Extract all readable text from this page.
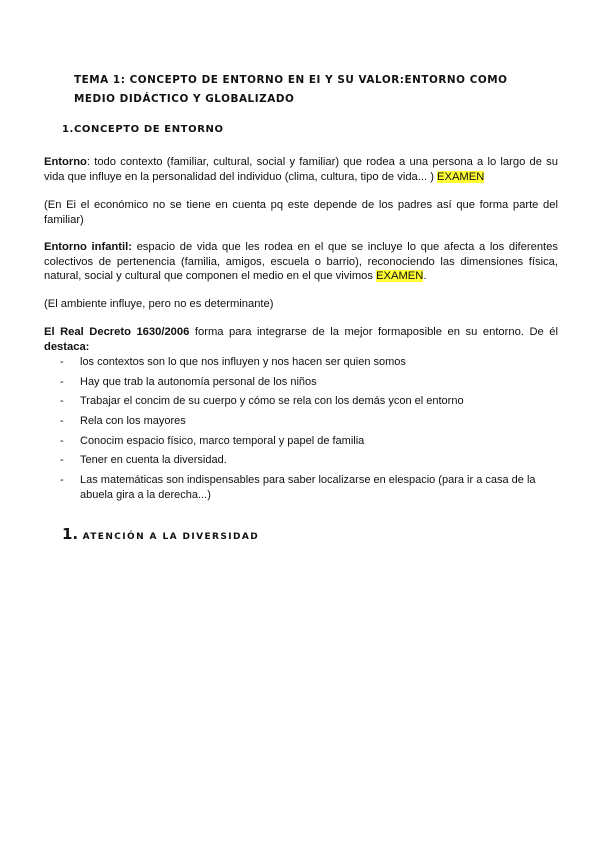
TEMA 1: CONCEPTO DE ENTORNO EN EI Y SU VALOR:ENTORNO COMO MEDIO DIDÁCTICO Y GLOBALIZADO
1.CONCEPTO DE ENTORNO
Entorno: todo contexto (familiar, cultural, social y familiar) que rodea a una persona a lo largo de su vida que influye en la personalidad del individuo (clima, cultura, tipo de vida... ) EXAMEN
(En Ei el económico no se tiene en cuenta pq este depende de los padres así que forma parte del familiar)
Entorno infantil: espacio de vida que les rodea en el que se incluye lo que afecta a los diferentes colectivos de pertenencia (familia, amigos, escuela o barrio), reconociendo las dimensiones física, natural, social y cultural que componen el medio en el que vivimos EXAMEN.
(El ambiente influye, pero no es determinante)
El Real Decreto 1630/2006 forma para integrarse de la mejor formaposible en su entorno. De él destaca:
- los contextos son lo que nos influyen y nos hacen ser quien somos
- Hay que trab la autonomía personal de los niños
- Trabajar el concim de su cuerpo y cómo se rela con los demás ycon el entorno
- Rela con los mayores
- Conocim espacio físico, marco temporal y papel de familia
- Tener en cuenta la diversidad.
- Las matemáticas son indispensables para saber localizarse en elespacio (para ir a casa de la abuela gira a la derecha...)
1. ATENCIÓN A LA DIVERSIDAD
